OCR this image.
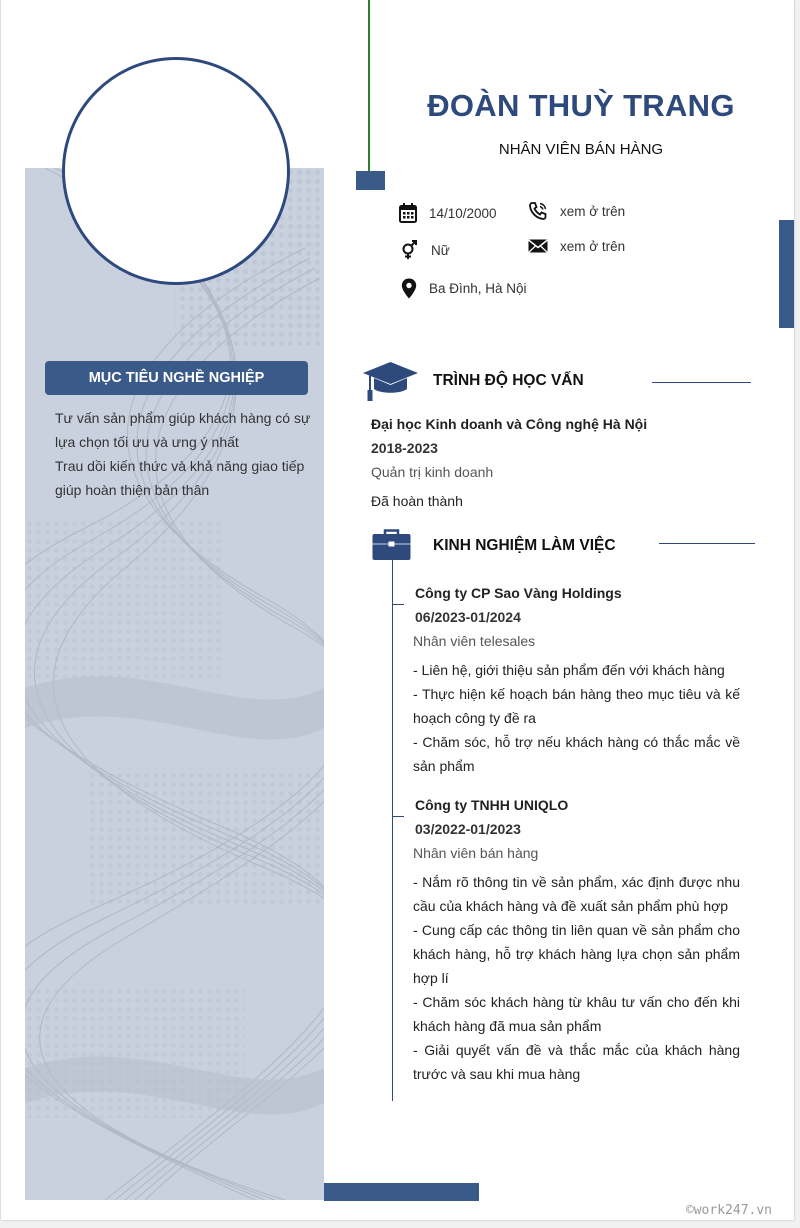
ĐOÀN THUỲ TRANG
NHÂN VIÊN BÁN HÀNG
14/10/2000	xem ở trên
Nữ	xem ở trên
Ba Đình, Hà Nội
MỤC TIÊU NGHỀ NGHIỆP

Tư vấn sản phẩm giúp khách hàng có sự lựa chọn tối ưu và ưng ý nhất

Trau dồi kiến thức và khả năng giao tiếp giúp hoàn thiện bản thân

TRÌNH ĐỘ HỌC VẤN
Đại học Kinh doanh và Công nghệ Hà Nội
2018-2023
Quản trị kinh doanh
Đã hoàn thành
KINH NGHIỆM LÀM VIỆC
Công ty CP Sao Vàng Holdings
06/2023-01/2024
Nhân viên telesales

- Liên hệ, giới thiệu sản phẩm đến với khách hàng

- Thực hiện kế hoạch bán hàng theo mục tiêu và kế hoạch công ty đề ra

- Chăm sóc, hỗ trợ nếu khách hàng có thắc mắc về sản phẩm

Công ty TNHH UNIQLO
03/2022-01/2023
Nhân viên bán hàng

- Nắm rõ thông tin về sản phẩm, xác định được nhu cầu của khách hàng và đề xuất sản phẩm phù hợp

- Cung cấp các thông tin liên quan về sản phẩm cho khách hàng, hỗ trợ khách hàng lựa chọn sản phẩm hợp lí

- Chăm sóc khách hàng từ khâu tư vấn cho đến khi khách hàng đã mua sản phẩm

- Giải quyết vấn đề và thắc mắc của khách hàng trước và sau khi mua hàng

©work247.vn
